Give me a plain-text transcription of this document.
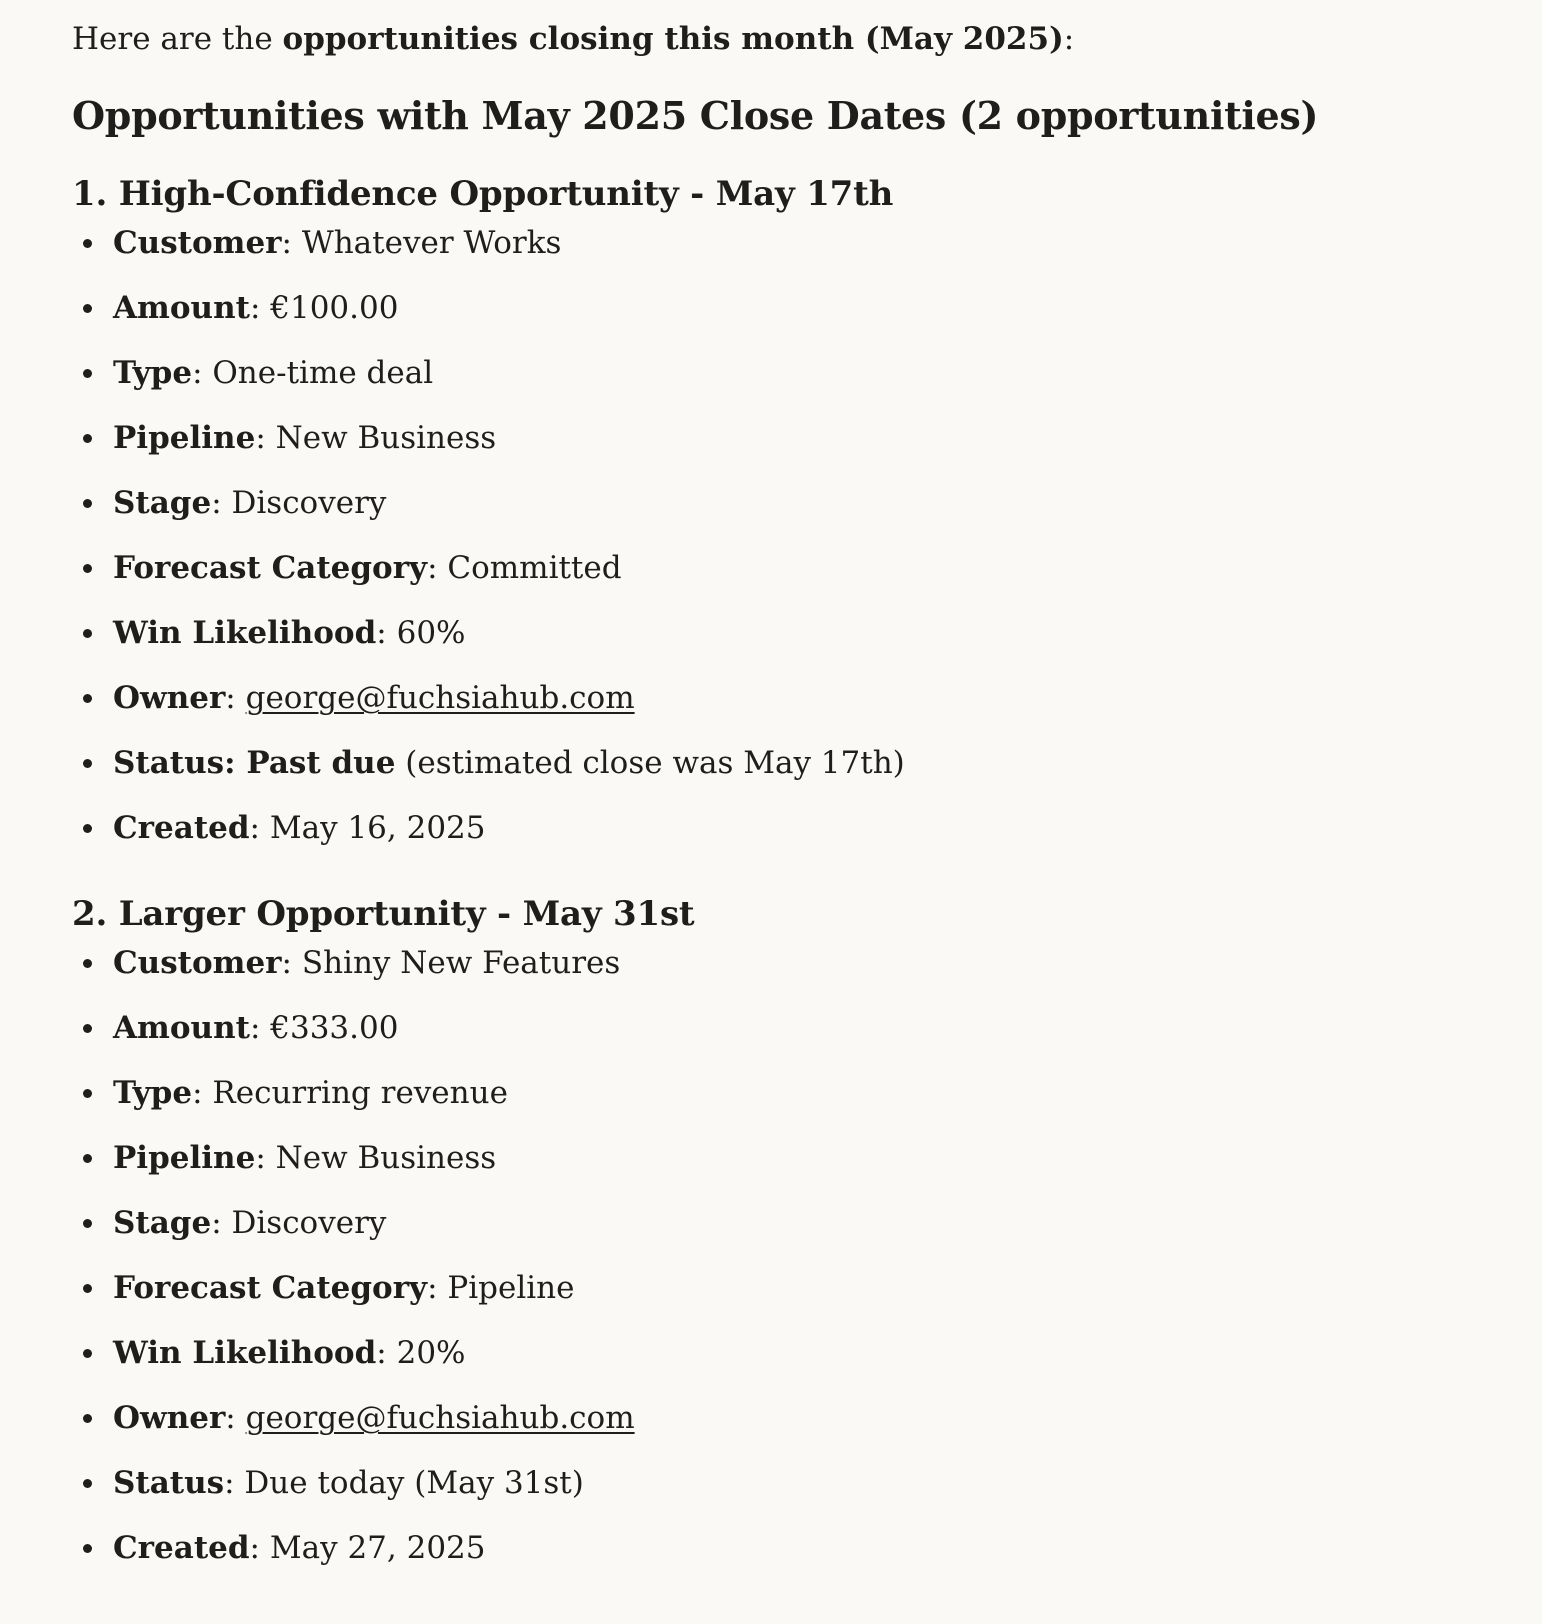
Here are the opportunities closing this month (May 2025):

Opportunities with May 2025 Close Dates (2 opportunities)
1. High-Confidence Opportunity - May 17th
Customer: Whatever Works
Amount: €100.00
Type: One-time deal
Pipeline: New Business
Stage: Discovery
Forecast Category: Committed
Win Likelihood: 60%
Owner: george@fuchsiahub.com
Status: Past due (estimated close was May 17th)
Created: May 16, 2025
2. Larger Opportunity - May 31st
Customer: Shiny New Features
Amount: €333.00
Type: Recurring revenue
Pipeline: New Business
Stage: Discovery
Forecast Category: Pipeline
Win Likelihood: 20%
Owner: george@fuchsiahub.com
Status: Due today (May 31st)
Created: May 27, 2025
